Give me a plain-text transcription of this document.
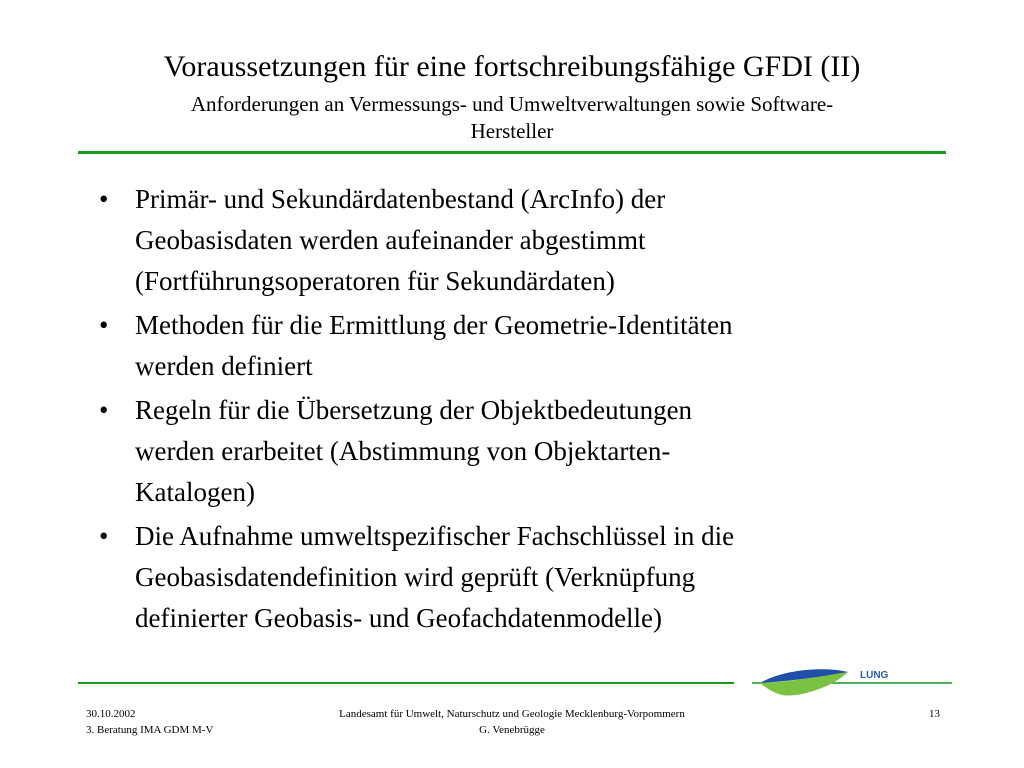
Voraussetzungen für eine fortschreibungsfähige GFDI (II)
Anforderungen an Vermessungs- und Umweltverwaltungen sowie Software-
Hersteller
• Primär- und Sekundärdatenbestand (ArcInfo) der
Geobasisdaten werden aufeinander abgestimmt
(Fortführungsoperatoren für Sekundärdaten)
• Methoden für die Ermittlung der Geometrie-Identitäten
werden definiert
• Regeln für die Übersetzung der Objektbedeutungen
werden erarbeitet (Abstimmung von Objektarten-
Katalogen)
• Die Aufnahme umweltspezifischer Fachschlüssel in die
Geobasisdatendefinition wird geprüft (Verknüpfung
definierter Geobasis- und Geofachdatenmodelle)
LUNG
30.10.2002
3. Beratung IMA GDM M-V
Landesamt für Umwelt, Naturschutz und Geologie Mecklenburg-Vorpommern
G. Venebrügge
13
